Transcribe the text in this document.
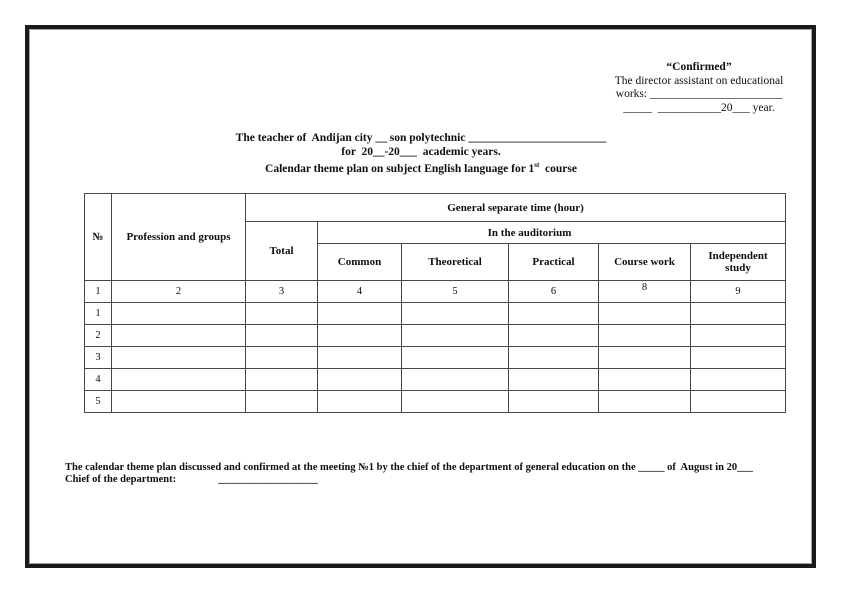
“Confirmed”
The director assistant on educational
works: _______________________
_____  ___________20___ year.
The teacher of  Andijan city __ son polytechnic ________________________
for  20__-20___  academic years.
Calendar theme plan on subject English language for 1st  course
№	Profession and groups	General separate time (hour)					
		Total	In the auditorium				
			Common	Theoretical	Practical	Course work	Independent study
1	2	3	4	5	6	8	9
1							
2							
3							
4							
5							
The calendar theme plan discussed and confirmed at the meeting №1 by the chief of the department of general education on the _____ of  August in 20___
Chief of the department:	___________________
